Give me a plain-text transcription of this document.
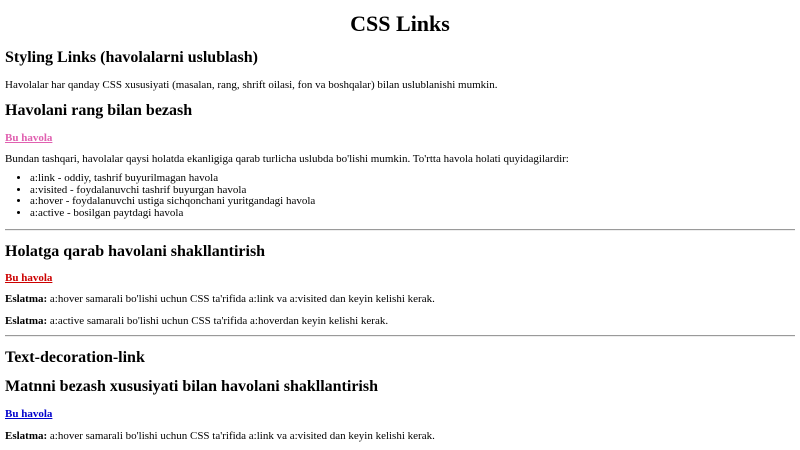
CSS Links
Styling Links (havolalarni uslublash)

Havolalar har qanday CSS xususiyati (masalan, rang, shrift oilasi, fon va boshqalar) bilan uslublanishi mumkin.

Havolani rang bilan bezash

Bu havola

Bundan tashqari, havolalar qaysi holatda ekanligiga qarab turlicha uslubda bo'lishi mumkin. To'rtta havola holati quyidagilardir:

• a:link - oddiy, tashrif buyurilmagan havola
• a:visited - foydalanuvchi tashrif buyurgan havola
• a:hover - foydalanuvchi ustiga sichqonchani yuritgandagi havola
• a:active - bosilgan paytdagi havola
Holatga qarab havolani shakllantirish

Bu havola

Eslatma: a:hover samarali bo'lishi uchun CSS ta'rifida a:link va a:visited dan keyin kelishi kerak.

Eslatma: a:active samarali bo'lishi uchun CSS ta'rifida a:hoverdan keyin kelishi kerak.

Text-decoration-link
Matnni bezash xususiyati bilan havolani shakllantirish

Bu havola

Eslatma: a:hover samarali bo'lishi uchun CSS ta'rifida a:link va a:visited dan keyin kelishi kerak.
